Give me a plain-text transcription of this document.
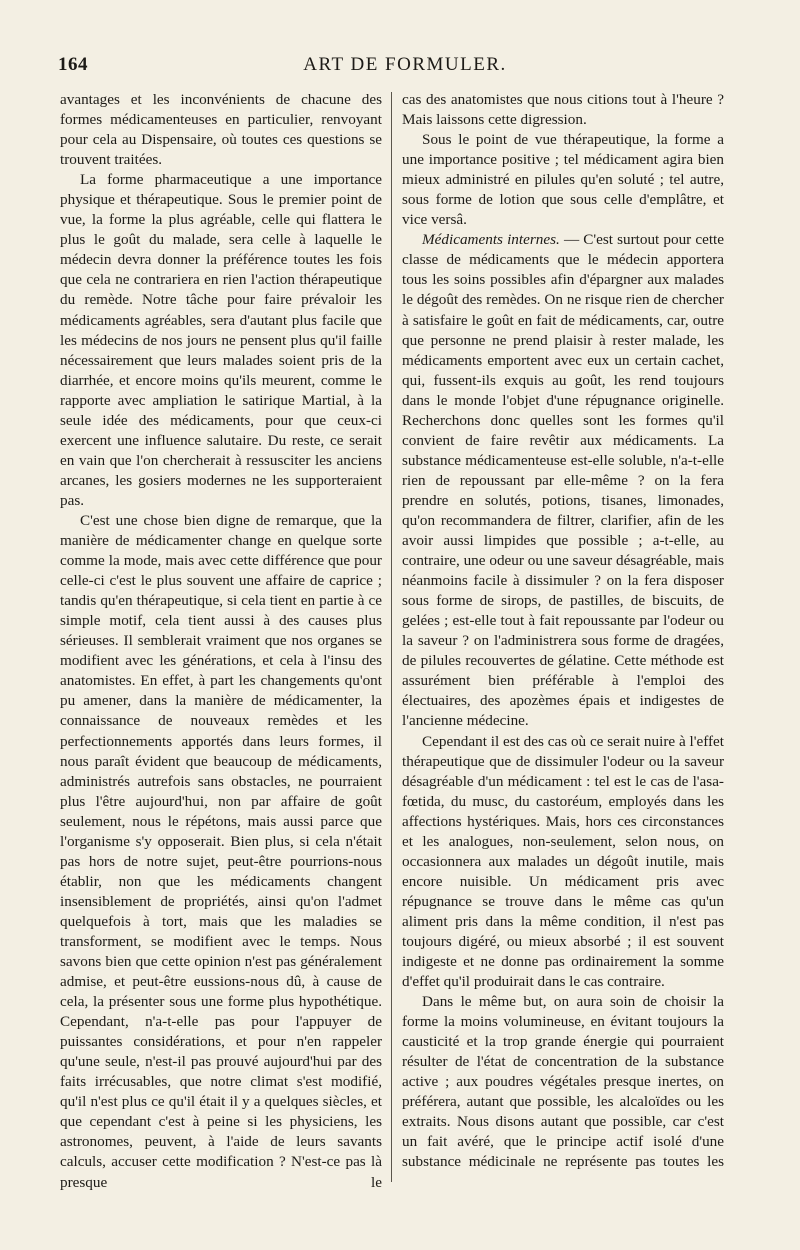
164	ART DE FORMULER.

avantages et les inconvénients de chacune des formes médicamenteuses en particulier, renvoyant pour cela au Dispensaire, où toutes ces questions se trouvent traitées.

La forme pharmaceutique a une importance physique et thérapeutique. Sous le premier point de vue, la forme la plus agréable, celle qui flattera le plus le goût du malade, sera celle à laquelle le médecin devra donner la préférence toutes les fois que cela ne contrariera en rien l'action thérapeutique du remède. Notre tâche pour faire prévaloir les médicaments agréables, sera d'autant plus facile que les médecins de nos jours ne pensent plus qu'il faille nécessairement que leurs malades soient pris de la diarrhée, et encore moins qu'ils meurent, comme le rapporte avec ampliation le satirique Martial, à la seule idée des médicaments, pour que ceux-ci exercent une influence salutaire. Du reste, ce serait en vain que l'on chercherait à ressusciter les anciens arcanes, les gosiers modernes ne les supporteraient pas.

C'est une chose bien digne de remarque, que la manière de médicamenter change en quelque sorte comme la mode, mais avec cette différence que pour celle-ci c'est le plus souvent une affaire de caprice ; tandis qu'en thérapeutique, si cela tient en partie à ce simple motif, cela tient aussi à des causes plus sérieuses. Il semblerait vraiment que nos organes se modifient avec les générations, et cela à l'insu des anatomistes. En effet, à part les changements qu'ont pu amener, dans la manière de médicamenter, la connaissance de nouveaux remèdes et les perfectionnements apportés dans leurs formes, il nous paraît évident que beaucoup de médicaments, administrés autrefois sans obstacles, ne pourraient plus l'être aujourd'hui, non par affaire de goût seulement, nous le répétons, mais aussi parce que l'organisme s'y opposerait. Bien plus, si cela n'était pas hors de notre sujet, peut-être pourrions-nous établir, non que les médicaments changent insensiblement de propriétés, ainsi qu'on l'admet quelquefois à tort, mais que les maladies se transforment, se modifient avec le temps. Nous savons bien que cette opinion n'est pas généralement admise, et peut-être eussions-nous dû, à cause de cela, la présenter sous une forme plus hypothétique. Cependant, n'a-t-elle pas pour l'appuyer de puissantes considérations, et pour n'en rappeler qu'une seule, n'est-il pas prouvé aujourd'hui par des faits irrécusables, que notre climat s'est modifié, qu'il n'est plus ce qu'il était il y a quelques siècles, et que cependant c'est à peine si les physiciens, les astronomes, peuvent, à l'aide de leurs savants calculs, accuser cette modification ? N'est-ce pas là presque le

cas des anatomistes que nous citions tout à l'heure ? Mais laissons cette digression.

Sous le point de vue thérapeutique, la forme a une importance positive ; tel médicament agira bien mieux administré en pilules qu'en soluté ; tel autre, sous forme de lotion que sous celle d'emplâtre, et vice versâ.

Médicaments internes. — C'est surtout pour cette classe de médicaments que le médecin apportera tous les soins possibles afin d'épargner aux malades le dégoût des remèdes. On ne risque rien de chercher à satisfaire le goût en fait de médicaments, car, outre que personne ne prend plaisir à rester malade, les médicaments emportent avec eux un certain cachet, qui, fussent-ils exquis au goût, les rend toujours dans le monde l'objet d'une répugnance originelle. Recherchons donc quelles sont les formes qu'il convient de faire revêtir aux médicaments. La substance médicamenteuse est-elle soluble, n'a-t-elle rien de repoussant par elle-même ? on la fera prendre en solutés, potions, tisanes, limonades, qu'on recommandera de filtrer, clarifier, afin de les avoir aussi limpides que possible ; a-t-elle, au contraire, une odeur ou une saveur désagréable, mais néanmoins facile à dissimuler ? on la fera disposer sous forme de sirops, de pastilles, de biscuits, de gelées ; est-elle tout à fait repoussante par l'odeur ou la saveur ? on l'administrera sous forme de dragées, de pilules recouvertes de gélatine. Cette méthode est assurément bien préférable à l'emploi des électuaires, des apozèmes épais et indigestes de l'ancienne médecine.

Cependant il est des cas où ce serait nuire à l'effet thérapeutique que de dissimuler l'odeur ou la saveur désagréable d'un médicament : tel est le cas de l'asa-fœtida, du musc, du castoréum, employés dans les affections hystériques. Mais, hors ces circonstances et les analogues, non-seulement, selon nous, on occasionnera aux malades un dégoût inutile, mais encore nuisible. Un médicament pris avec répugnance se trouve dans le même cas qu'un aliment pris dans la même condition, il n'est pas toujours digéré, ou mieux absorbé ; il est souvent indigeste et ne donne pas ordinairement la somme d'effet qu'il produirait dans le cas contraire.

Dans le même but, on aura soin de choisir la forme la moins volumineuse, en évitant toujours la causticité et la trop grande énergie qui pourraient résulter de l'état de concentration de la substance active ; aux poudres végétales presque inertes, on préférera, autant que possible, les alcaloïdes ou les extraits. Nous disons autant que possible, car c'est un fait avéré, que le principe actif isolé d'une substance médicinale ne représente pas toutes les
